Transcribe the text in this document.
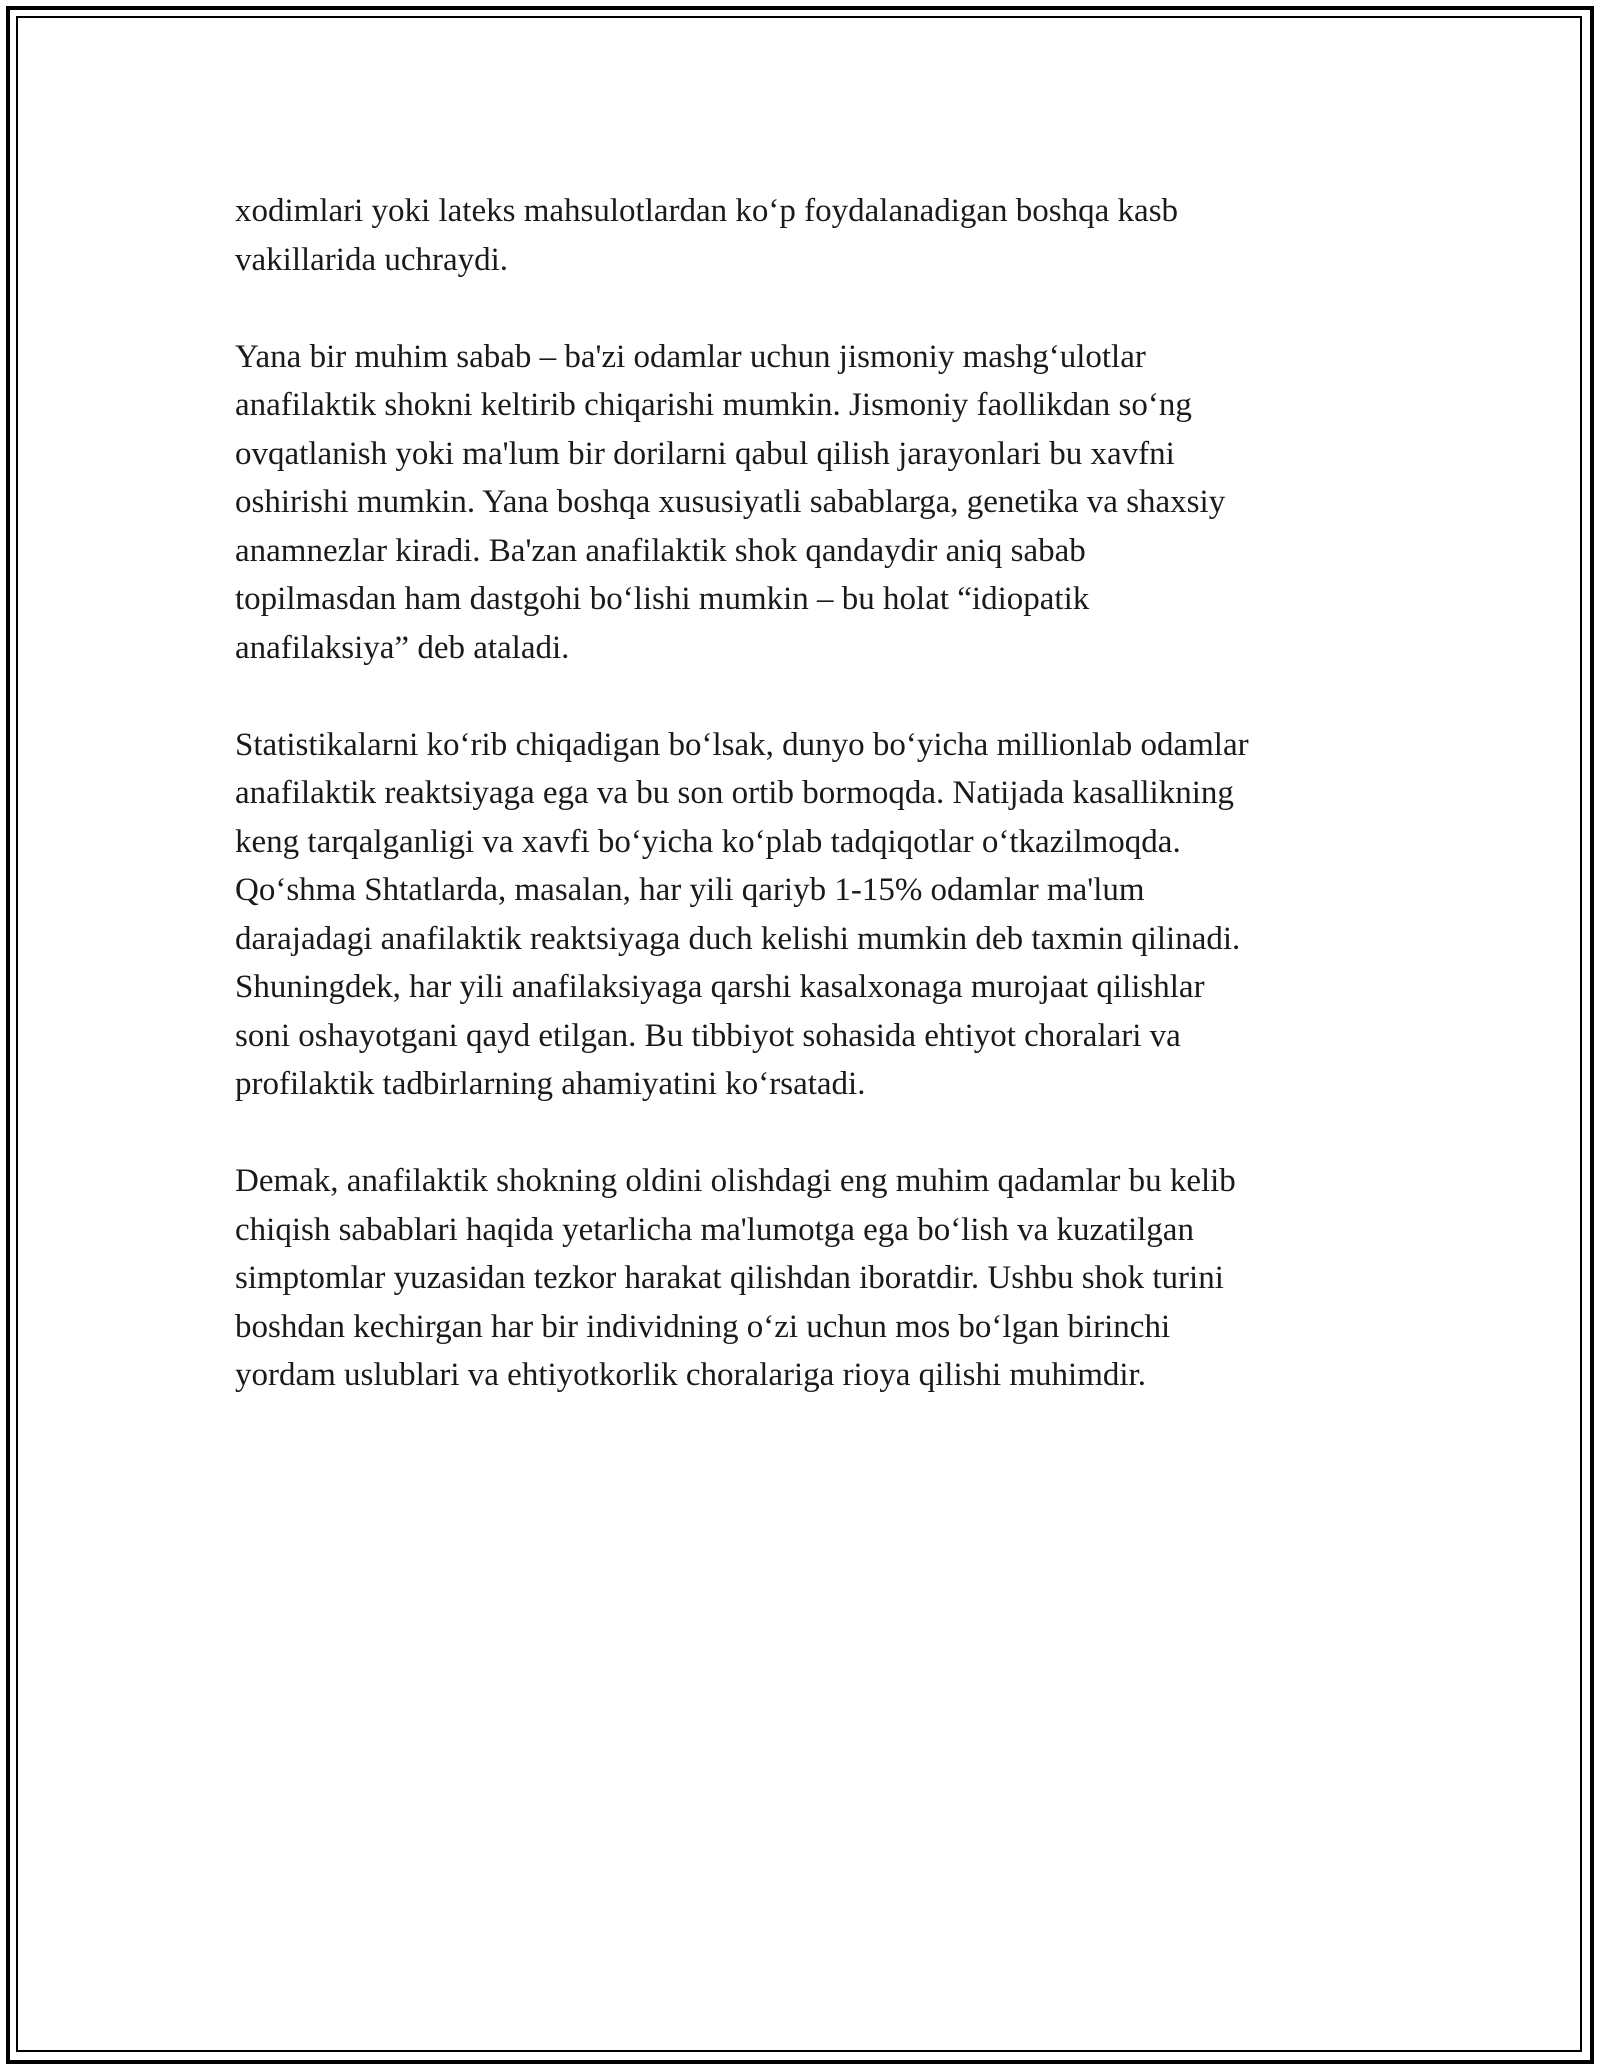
xodimlari yoki lateks mahsulotlardan ko‘p foydalanadigan boshqa kasb
vakillarida uchraydi.

Yana bir muhim sabab – ba'zi odamlar uchun jismoniy mashg‘ulotlar
anafilaktik shokni keltirib chiqarishi mumkin. Jismoniy faollikdan so‘ng
ovqatlanish yoki ma'lum bir dorilarni qabul qilish jarayonlari bu xavfni
oshirishi mumkin. Yana boshqa xususiyatli sabablarga, genetika va shaxsiy
anamnezlar kiradi. Ba'zan anafilaktik shok qandaydir aniq sabab
topilmasdan ham dastgohi bo‘lishi mumkin – bu holat “idiopatik
anafilaksiya” deb ataladi.

Statistikalarni ko‘rib chiqadigan bo‘lsak, dunyo bo‘yicha millionlab odamlar
anafilaktik reaktsiyaga ega va bu son ortib bormoqda. Natijada kasallikning
keng tarqalganligi va xavfi bo‘yicha ko‘plab tadqiqotlar o‘tkazilmoqda.
Qo‘shma Shtatlarda, masalan, har yili qariyb 1-15% odamlar ma'lum
darajadagi anafilaktik reaktsiyaga duch kelishi mumkin deb taxmin qilinadi.
Shuningdek, har yili anafilaksiyaga qarshi kasalxonaga murojaat qilishlar
soni oshayotgani qayd etilgan. Bu tibbiyot sohasida ehtiyot choralari va
profilaktik tadbirlarning ahamiyatini ko‘rsatadi.

Demak, anafilaktik shokning oldini olishdagi eng muhim qadamlar bu kelib
chiqish sabablari haqida yetarlicha ma'lumotga ega bo‘lish va kuzatilgan
simptomlar yuzasidan tezkor harakat qilishdan iboratdir. Ushbu shok turini
boshdan kechirgan har bir individning o‘zi uchun mos bo‘lgan birinchi
yordam uslublari va ehtiyotkorlik choralariga rioya qilishi muhimdir.
